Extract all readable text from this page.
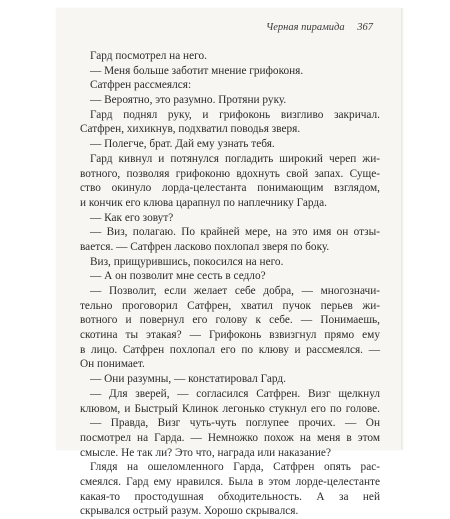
Черная пирамида 367
Гард посмотрел на него.
— Меня больше заботит мнение грифоконя.
Сатфрен рассмеялся:
— Вероятно, это разумно. Протяни руку.
Гард поднял руку, и грифоконь визгливо закричал.
Сатфрен, хихикнув, подхватил поводья зверя.
— Полегче, брат. Дай ему узнать тебя.
Гард кивнул и потянулся погладить широкий череп жи-
вотного, позволяя грифоконю вдохнуть свой запах. Суще-
ство окинуло лорда-целестанта понимающим взглядом,
и кончик его клюва царапнул по наплечнику Гарда.
— Как его зовут?
— Виз, полагаю. По крайней мере, на это имя он отзы-
вается. — Сатфрен ласково похлопал зверя по боку.
Виз, прищурившись, покосился на него.
— А он позволит мне сесть в седло?
— Позволит, если желает себе добра, — многозначи-
тельно проговорил Сатфрен, хватил пучок перьев жи-
вотного и повернул его голову к себе. — Понимаешь,
скотина ты этакая? — Грифоконь взвизгнул прямо ему
в лицо. Сатфрен похлопал его по клюву и рассмеялся. —
Он понимает.
— Они разумны, — констатировал Гард.
— Для зверей, — согласился Сатфрен. Визг щелкнул
клювом, и Быстрый Клинок легонько стукнул его по голове.
— Правда, Визг чуть-чуть поглупее прочих. — Он
посмотрел на Гарда. — Немножко похож на меня в этом
смысле. Не так ли? Это что, награда или наказание?
Глядя на ошеломленного Гарда, Сатфрен опять рас-
смеялся. Гард ему нравился. Была в этом лорде-целестанте
какая-то простодушная обходительность. А за ней
скрывался острый разум. Хорошо скрывался.
